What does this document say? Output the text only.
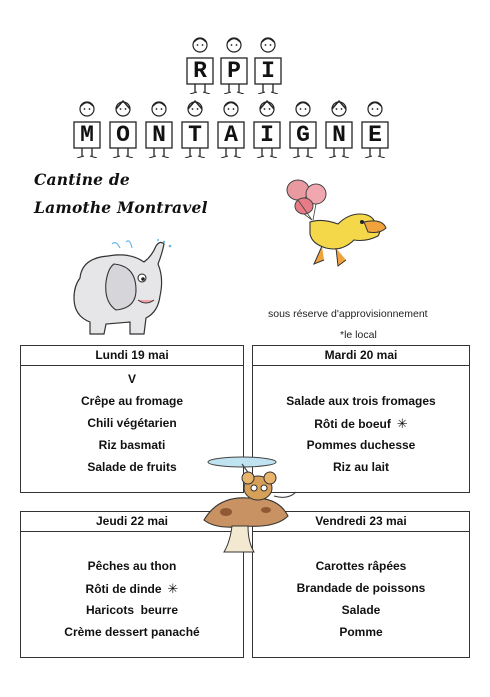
R P I
M O N T A I G N E
Cantine de
Lamothe Montravel
sous réserve d'approvisionnement
*le local
Lundi 19 mai
V
Crêpe au fromage
Chili végétarien
Riz basmati
Salade de fruits
Mardi 20 mai
Salade aux trois fromages
Rôti de boeuf ✳
Pommes duchesse
Riz au lait
Jeudi 22 mai
Pêches au thon
Rôti de dinde ✳
Haricots  beurre
Crème dessert panaché
Vendredi 23 mai
Carottes râpées
Brandade de poissons
Salade
Pomme
